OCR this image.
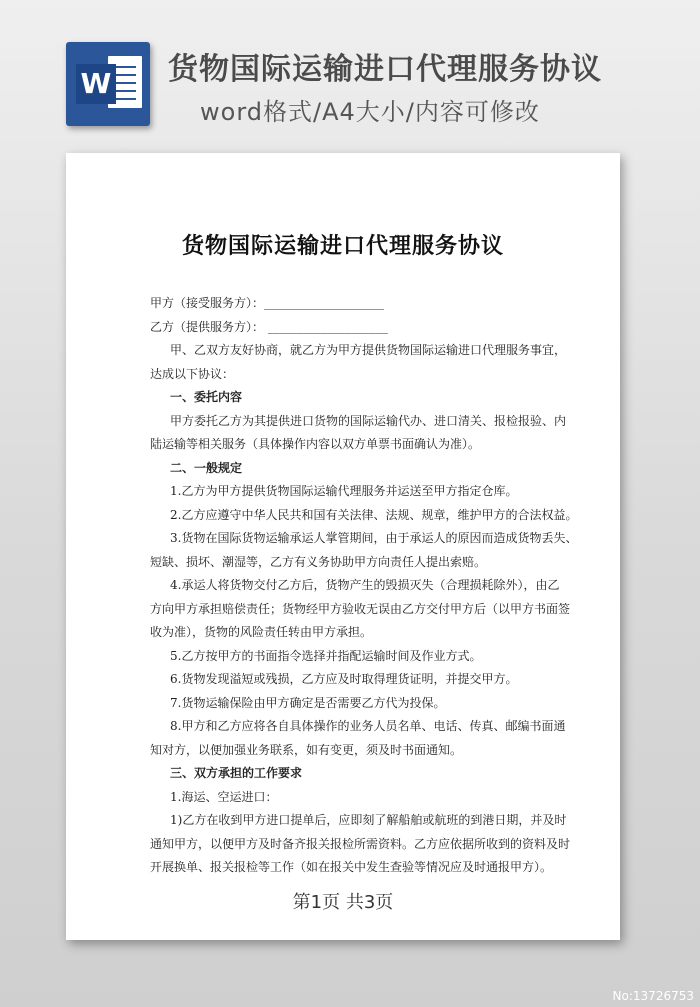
W 货物国际运输进口代理服务协议
word格式/A4大小/内容可修改
货物国际运输进口代理服务协议
甲方（接受服务方）：____________________
乙方（提供服务方）： ____________________
甲、乙双方友好协商，就乙方为甲方提供货物国际运输进口代理服务事宜，
达成以下协议：
一、委托内容
甲方委托乙方为其提供进口货物的国际运输代办、进口清关、报检报验、内
陆运输等相关服务（具体操作内容以双方单票书面确认为准）。
二、一般规定
1.乙方为甲方提供货物国际运输代理服务并运送至甲方指定仓库。
2.乙方应遵守中华人民共和国有关法律、法规、规章，维护甲方的合法权益。
3.货物在国际货物运输承运人掌管期间，由于承运人的原因而造成货物丢失、
短缺、损坏、潮湿等，乙方有义务协助甲方向责任人提出索赔。
4.承运人将货物交付乙方后，货物产生的毁损灭失（合理损耗除外），由乙
方向甲方承担赔偿责任；货物经甲方验收无误由乙方交付甲方后（以甲方书面签
收为准），货物的风险责任转由甲方承担。
5.乙方按甲方的书面指令选择并指配运输时间及作业方式。
6.货物发现溢短或残损，乙方应及时取得理货证明，并提交甲方。
7.货物运输保险由甲方确定是否需要乙方代为投保。
8.甲方和乙方应将各自具体操作的业务人员名单、电话、传真、邮编书面通
知对方，以便加强业务联系，如有变更，须及时书面通知。
三、双方承担的工作要求
1.海运、空运进口：
1)乙方在收到甲方进口提单后，应即刻了解船舶或航班的到港日期，并及时
通知甲方，以便甲方及时备齐报关报检所需资料。乙方应依据所收到的资料及时
开展换单、报关报检等工作（如在报关中发生查验等情况应及时通报甲方）。
第1页 共3页
No:13726753
